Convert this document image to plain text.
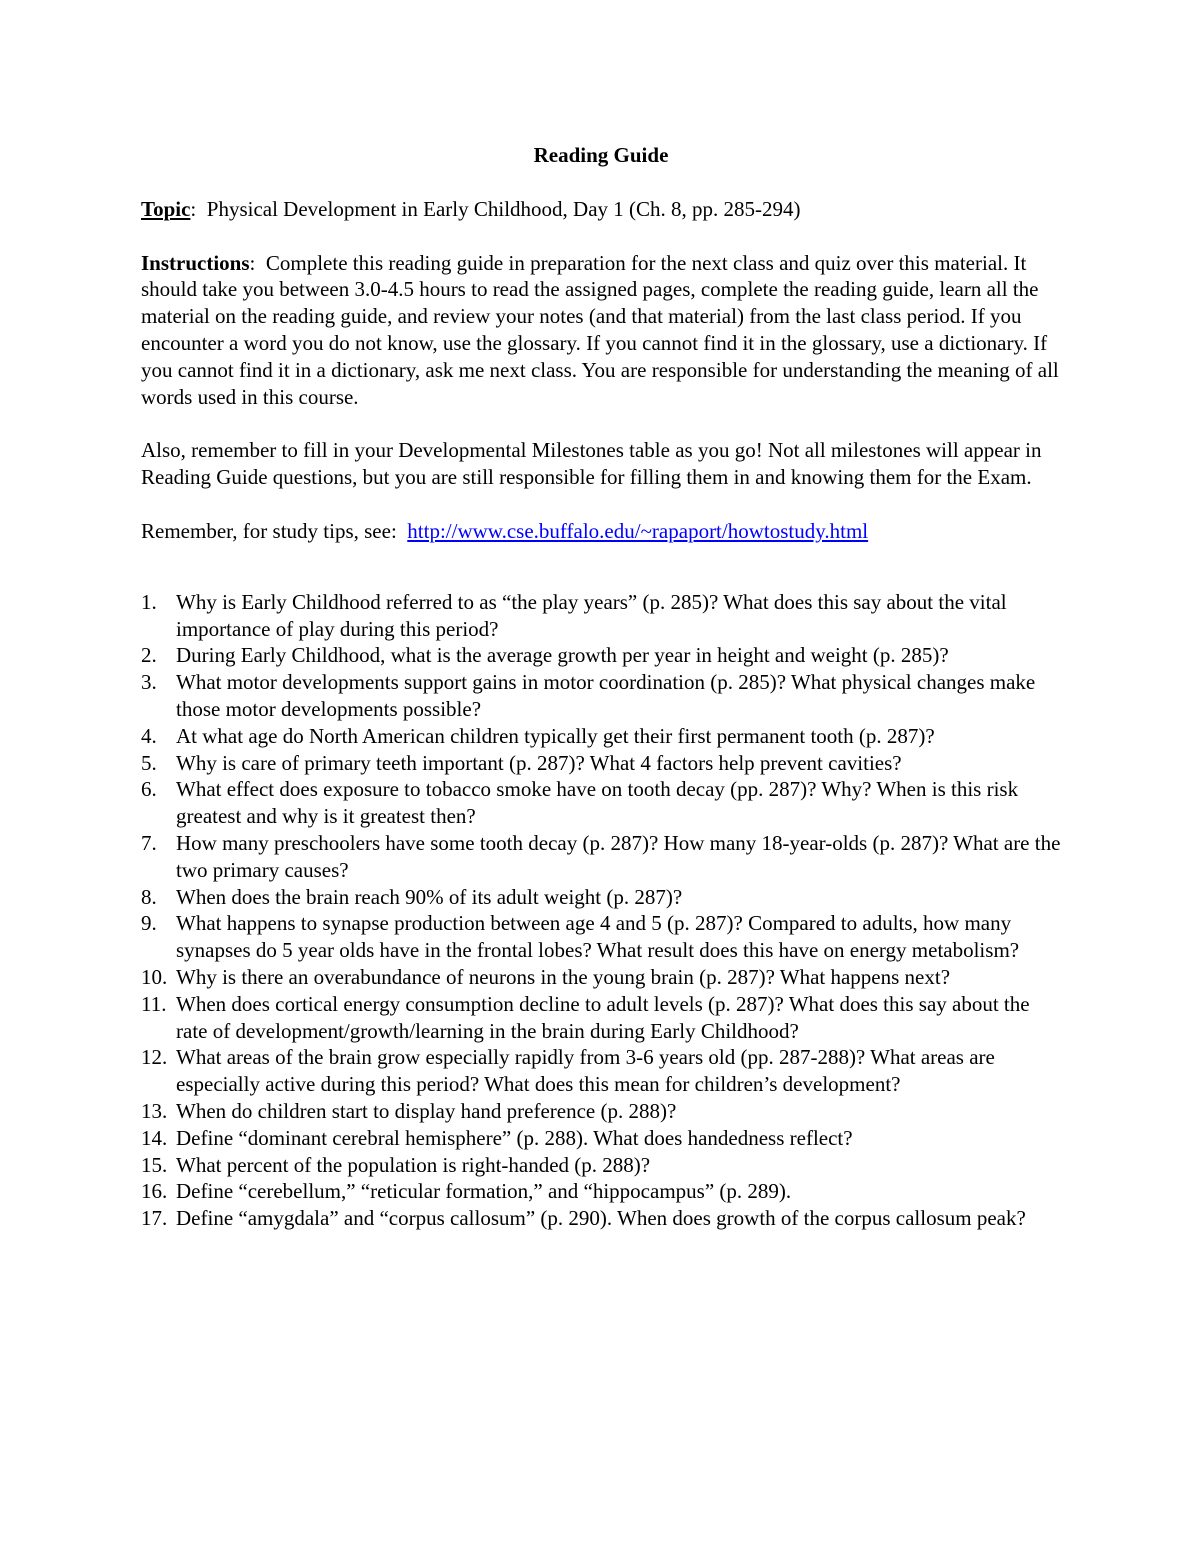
Reading Guide

Topic: Physical Development in Early Childhood, Day 1 (Ch. 8, pp. 285-294)

Instructions: Complete this reading guide in preparation for the next class and quiz over this material. It should take you between 3.0-4.5 hours to read the assigned pages, complete the reading guide, learn all the material on the reading guide, and review your notes (and that material) from the last class period. If you encounter a word you do not know, use the glossary. If you cannot find it in the glossary, use a dictionary. If you cannot find it in a dictionary, ask me next class. You are responsible for understanding the meaning of all words used in this course.

Also, remember to fill in your Developmental Milestones table as you go! Not all milestones will appear in Reading Guide questions, but you are still responsible for filling them in and knowing them for the Exam.

Remember, for study tips, see: http://www.cse.buffalo.edu/~rapaport/howtostudy.html

1. Why is Early Childhood referred to as “the play years” (p. 285)? What does this say about the vital importance of play during this period?
2. During Early Childhood, what is the average growth per year in height and weight (p. 285)?
3. What motor developments support gains in motor coordination (p. 285)? What physical changes make those motor developments possible?
4. At what age do North American children typically get their first permanent tooth (p. 287)?
5. Why is care of primary teeth important (p. 287)? What 4 factors help prevent cavities?
6. What effect does exposure to tobacco smoke have on tooth decay (pp. 287)? Why? When is this risk greatest and why is it greatest then?
7. How many preschoolers have some tooth decay (p. 287)? How many 18-year-olds (p. 287)? What are the two primary causes?
8. When does the brain reach 90% of its adult weight (p. 287)?
9. What happens to synapse production between age 4 and 5 (p. 287)? Compared to adults, how many synapses do 5 year olds have in the frontal lobes? What result does this have on energy metabolism?
10. Why is there an overabundance of neurons in the young brain (p. 287)? What happens next?
11. When does cortical energy consumption decline to adult levels (p. 287)? What does this say about the rate of development/growth/learning in the brain during Early Childhood?
12. What areas of the brain grow especially rapidly from 3-6 years old (pp. 287-288)? What areas are especially active during this period? What does this mean for children’s development?
13. When do children start to display hand preference (p. 288)?
14. Define “dominant cerebral hemisphere” (p. 288). What does handedness reflect?
15. What percent of the population is right-handed (p. 288)?
16. Define “cerebellum,” “reticular formation,” and “hippocampus” (p. 289).
17. Define “amygdala” and “corpus callosum” (p. 290). When does growth of the corpus callosum peak?
